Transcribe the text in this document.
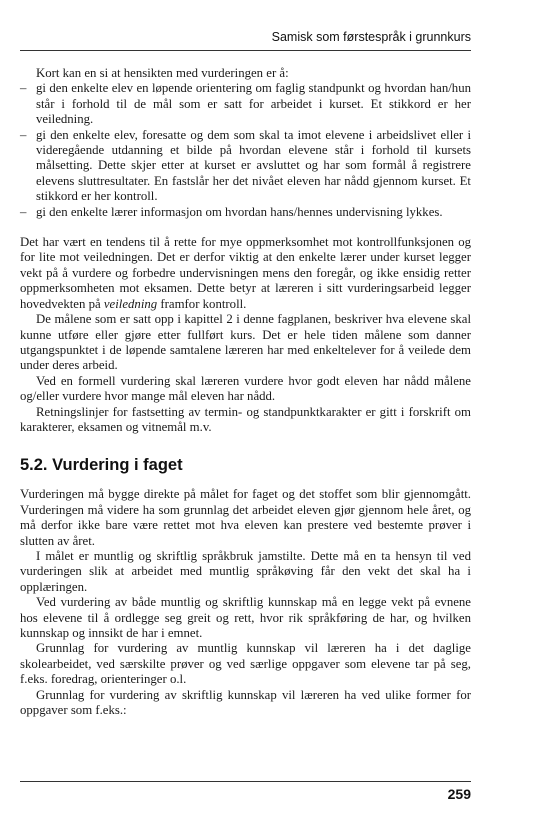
Samisk som førstespråk i grunnkurs

Kort kan en si at hensikten med vurderingen er å:

– gi den enkelte elev en løpende orientering om faglig standpunkt og hvordan han/hun står i forhold til de mål som er satt for arbeidet i kurset. Et stikkord er her veiledning.
– gi den enkelte elev, foresatte og dem som skal ta imot elevene i arbeidslivet eller i videregående utdanning et bilde på hvordan elevene står i forhold til kursets målsetting. Dette skjer etter at kurset er avsluttet og har som formål å registrere elevens sluttresultater. En fastslår her det nivået eleven har nådd gjennom kurset. Et stikkord er her kontroll.
– gi den enkelte lærer informasjon om hvordan hans/hennes undervisning lykkes.

Det har vært en tendens til å rette for mye oppmerksomhet mot kontrollfunksjonen og for lite mot veiledningen. Det er derfor viktig at den enkelte lærer under kurset legger vekt på å vurdere og forbedre undervisningen mens den foregår, og ikke ensidig retter oppmerksomheten mot eksamen. Dette betyr at læreren i sitt vurderingsarbeid legger hovedvekten på veiledning framfor kontroll.

De målene som er satt opp i kapittel 2 i denne fagplanen, beskriver hva elevene skal kunne utføre eller gjøre etter fullført kurs. Det er hele tiden målene som danner utgangspunktet i de løpende samtalene læreren har med enkeltelever for å veilede dem under deres arbeid.

Ved en formell vurdering skal læreren vurdere hvor godt eleven har nådd målene og/eller vurdere hvor mange mål eleven har nådd.

Retningslinjer for fastsetting av termin- og standpunktkarakter er gitt i forskrift om karakterer, eksamen og vitnemål m.v.

5.2. Vurdering i faget

Vurderingen må bygge direkte på målet for faget og det stoffet som blir gjennomgått. Vurderingen må videre ha som grunnlag det arbeidet eleven gjør gjennom hele året, og må derfor ikke bare være rettet mot hva eleven kan prestere ved bestemte prøver i slutten av året.

I målet er muntlig og skriftlig språkbruk jamstilte. Dette må en ta hensyn til ved vurderingen slik at arbeidet med muntlig språkøving får den vekt det skal ha i opplæringen.

Ved vurdering av både muntlig og skriftlig kunnskap må en legge vekt på evnene hos elevene til å ordlegge seg greit og rett, hvor rik språkføring de har, og hvilken kunnskap og innsikt de har i emnet.

Grunnlag for vurdering av muntlig kunnskap vil læreren ha i det daglige skolearbeidet, ved særskilte prøver og ved særlige oppgaver som elevene tar på seg, f.eks. foredrag, orienteringer o.l.

Grunnlag for vurdering av skriftlig kunnskap vil læreren ha ved ulike former for oppgaver som f.eks.:

259
